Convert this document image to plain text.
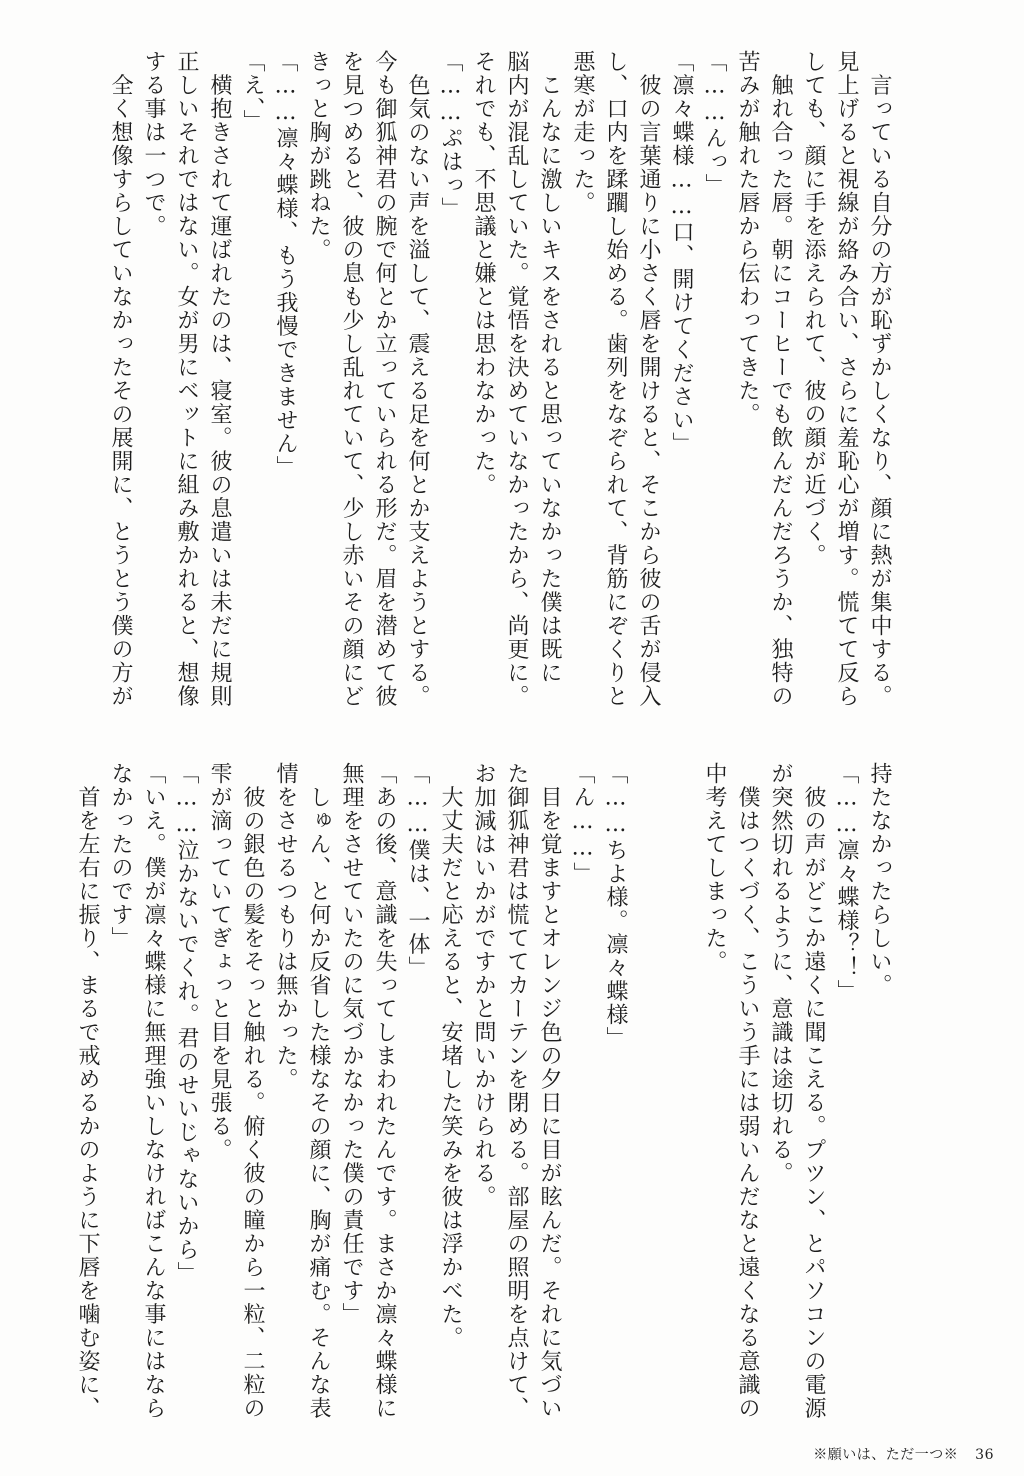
　言っている自分の方が恥ずかしくなり、顔に熱が集中する。
見上げると視線が絡み合い、さらに羞恥心が増す。慌てて反ら
しても、顔に手を添えられて、彼の顔が近づく。
　触れ合った唇。朝にコーヒーでも飲んだんだろうか、独特の
苦みが触れた唇から伝わってきた。
「……んっ」
「凛々蝶様……口、開けてください」
　彼の言葉通りに小さく唇を開けると、そこから彼の舌が侵入
し、口内を蹂躙し始める。歯列をなぞられて、背筋にぞくりと
悪寒が走った。
　こんなに激しいキスをされると思っていなかった僕は既に
脳内が混乱していた。覚悟を決めていなかったから、尚更に。
それでも、不思議と嫌とは思わなかった。
「……ぷはっ」
　色気のない声を溢して、震える足を何とか支えようとする。
今も御狐神君の腕で何とか立っていられる形だ。眉を潜めて彼
を見つめると、彼の息も少し乱れていて、少し赤いその顔にど
きっと胸が跳ねた。
「……凛々蝶様、もう我慢できません」
「え、」
　横抱きされて運ばれたのは、寝室。彼の息遣いは未だに規則
正しいそれではない。女が男にベットに組み敷かれると、想像
する事は一つで。
　全く想像すらしていなかったその展開に、とうとう僕の方が
持たなかったらしい。
「……凛々蝶様？！」
　彼の声がどこか遠くに聞こえる。プツン、とパソコンの電源
が突然切れるように、意識は途切れる。
　僕はつくづく、こういう手には弱いんだなと遠くなる意識の
中考えてしまった。

「……ちよ様。凛々蝶様」
「ん……」
　目を覚ますとオレンジ色の夕日に目が眩んだ。それに気づい
た御狐神君は慌ててカーテンを閉める。部屋の照明を点けて、
お加減はいかがですかと問いかけられる。
　大丈夫だと応えると、安堵した笑みを彼は浮かべた。
「……僕は、一体」
「あの後、意識を失ってしまわれたんです。まさか凛々蝶様に
無理をさせていたのに気づかなかった僕の責任です」
　しゅん、と何か反省した様なその顔に、胸が痛む。そんな表
情をさせるつもりは無かった。
　彼の銀色の髪をそっと触れる。俯く彼の瞳から一粒、二粒の
雫が滴っていてぎょっと目を見張る。
「……泣かないでくれ。君のせいじゃないから」
「いえ。僕が凛々蝶様に無理強いしなければこんな事にはなら
なかったのです」
　首を左右に振り、まるで戒めるかのように下唇を噛む姿に、
※願いは、ただ一つ※ 36
